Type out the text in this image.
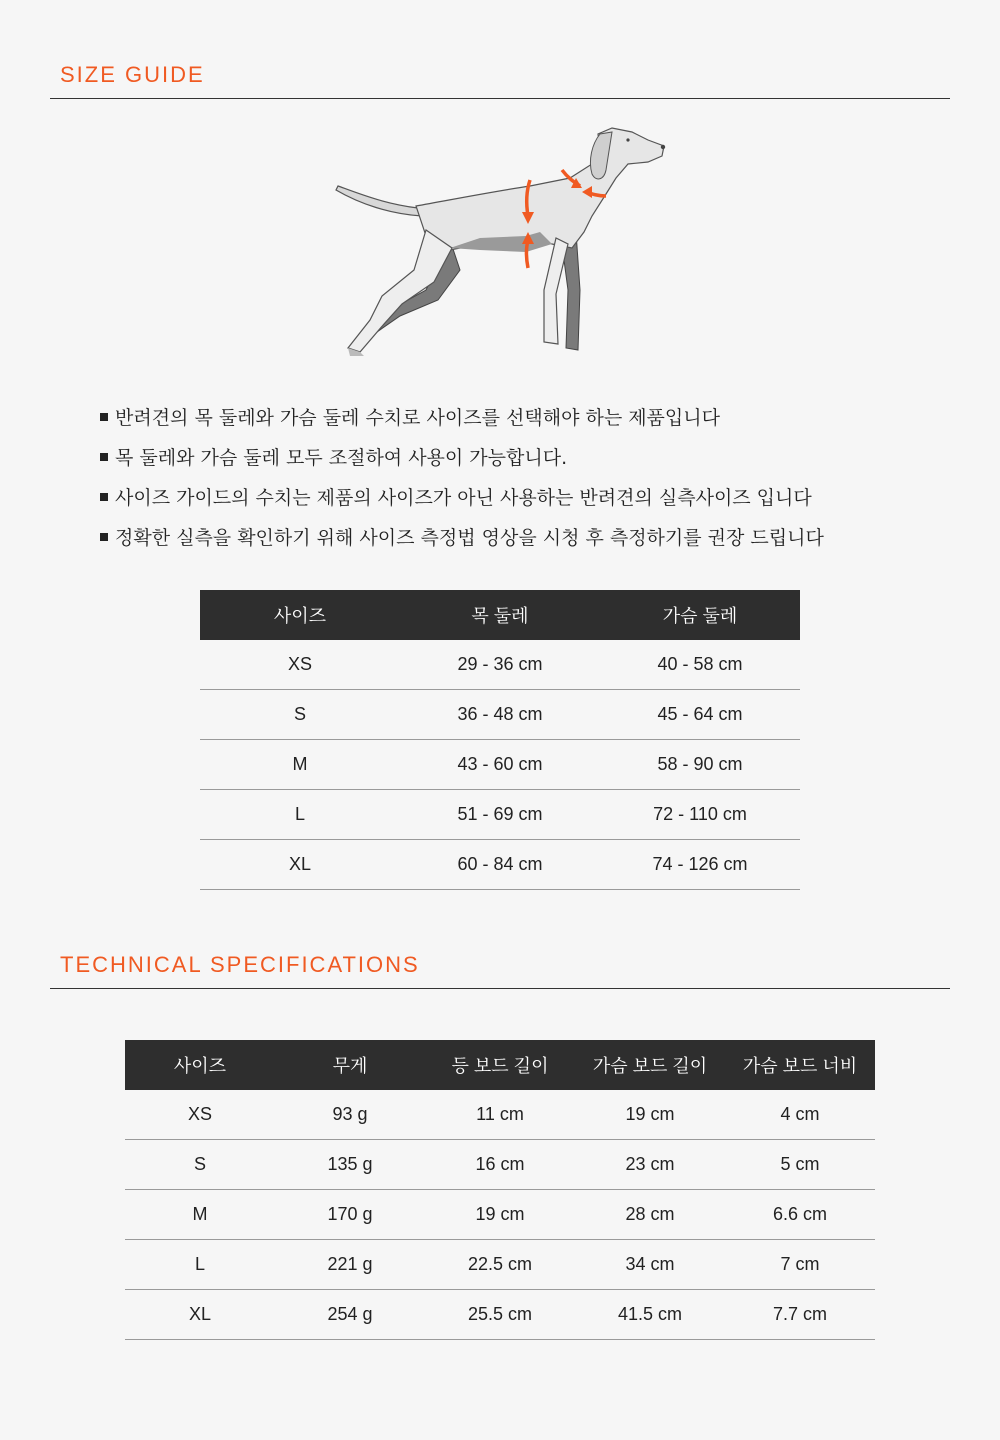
SIZE GUIDE
반려견의 목 둘레와 가슴 둘레 수치로 사이즈를 선택해야 하는 제품입니다
목 둘레와 가슴 둘레 모두 조절하여 사용이 가능합니다.
사이즈 가이드의 수치는 제품의 사이즈가 아닌 사용하는 반려견의 실측사이즈 입니다
정확한 실측을 확인하기 위해 사이즈 측정법 영상을 시청 후 측정하기를 권장 드립니다
사이즈	목 둘레	가슴 둘레
XS	29 - 36 cm	40 - 58 cm
S	36 - 48 cm	45 - 64 cm
M	43 - 60 cm	58 - 90 cm
L	51 - 69 cm	72 - 110 cm
XL	60 - 84 cm	74 - 126 cm
TECHNICAL SPECIFICATIONS
사이즈	무게	등 보드 길이	가슴 보드 길이	가슴 보드 너비
XS	93 g	11 cm	19 cm	4 cm
S	135 g	16 cm	23 cm	5 cm
M	170 g	19 cm	28 cm	6.6 cm
L	221 g	22.5 cm	34 cm	7 cm
XL	254 g	25.5 cm	41.5 cm	7.7 cm
